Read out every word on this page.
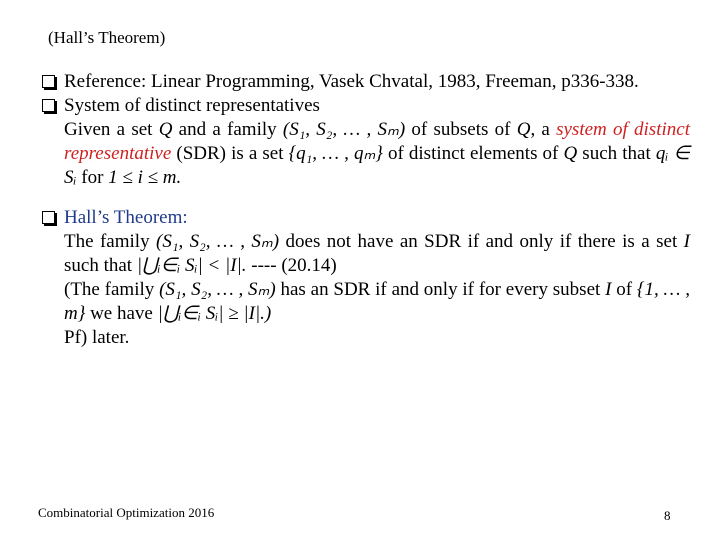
(Hall’s Theorem)
Reference: Linear Programming, Vasek Chvatal, 1983, Freeman, p336-338.
System of distinct representatives
Given a set Q and a family (S₁, S₂, … , Sₘ) of subsets of Q, a system of distinct representative (SDR) is a set {q₁, … , qₘ} of distinct elements of Q such that qᵢ ∈ Sᵢ for 1 ≤ i ≤ m.
Hall’s Theorem:
The family (S₁, S₂, … , Sₘ) does not have an SDR if and only if there is a set I such that |⋃ᵢ∈ᵢ Sᵢ| < |I|. ---- (20.14)
(The family (S₁, S₂, … , Sₘ) has an SDR if and only if for every subset I of {1, … , m} we have |⋃ᵢ∈ᵢ Sᵢ| ≥ |I|.)
Pf) later.
Combinatorial Optimization 2016	8
